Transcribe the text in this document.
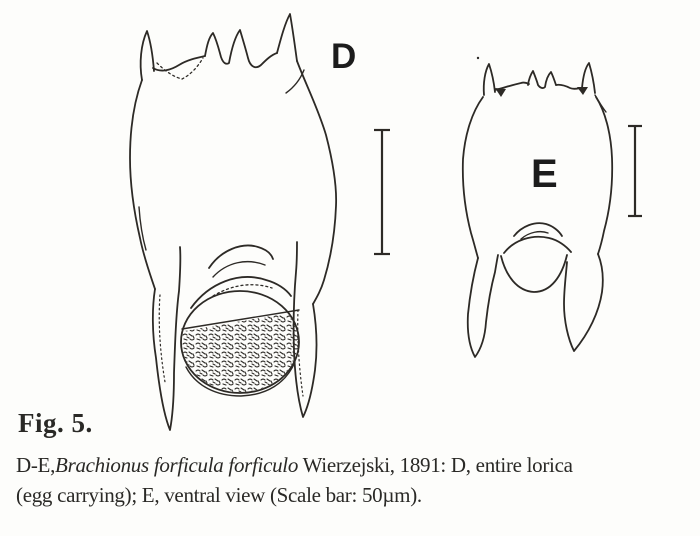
D
E
Fig. 5.

D-E,Brachionus forficula forficulo Wierzejski, 1891: D, entire lorica
(egg carrying); E, ventral view (Scale bar: 50µm).
